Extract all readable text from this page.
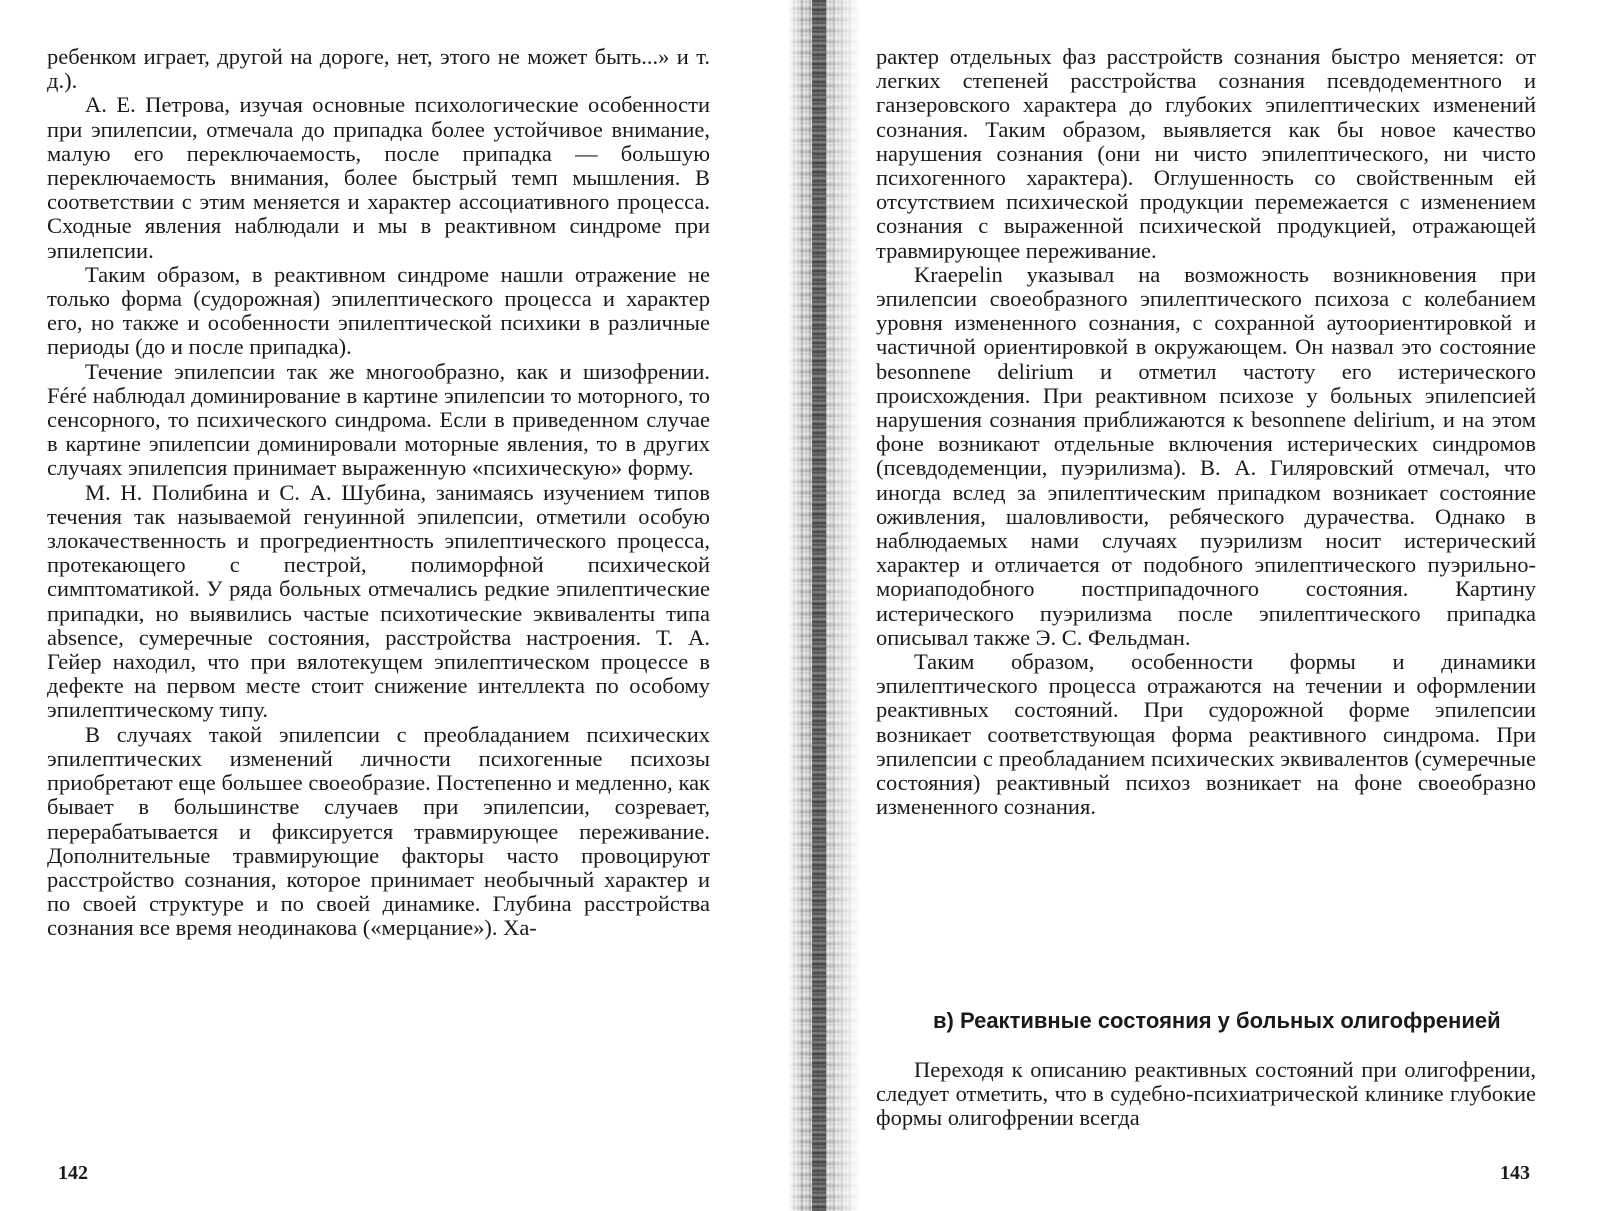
ребенком играет, другой на дороге, нет, этого не может быть...» и т. д.).

А. Е. Петрова, изучая основные психологические особенности при эпилепсии, отмечала до припадка более устойчивое внимание, малую его переключаемость, после припадка — большую переключаемость внимания, более быстрый темп мышления. В соответствии с этим меняется и характер ассоциативного процесса. Сходные явления наблюдали и мы в реактивном синдроме при эпилепсии.

Таким образом, в реактивном синдроме нашли отражение не только форма (судорожная) эпилептического процесса и характер его, но также и особенности эпилептической психики в различные периоды (до и после припадка).

Течение эпилепсии так же многообразно, как и шизофрении. Féré наблюдал доминирование в картине эпилепсии то моторного, то сенсорного, то психического синдрома. Если в приведенном случае в картине эпилепсии доминировали моторные явления, то в других случаях эпилепсия принимает выраженную «психическую» форму.

М. Н. Полибина и С. А. Шубина, занимаясь изучением типов течения так называемой генуинной эпилепсии, отметили особую злокачественность и прогредиентность эпилептического процесса, протекающего с пестрой, полиморфной психической симптоматикой. У ряда больных отмечались редкие эпилептические припадки, но выявились частые психотические эквиваленты типа absence, сумеречные состояния, расстройства настроения. Т. А. Гейер находил, что при вялотекущем эпилептическом процессе в дефекте на первом месте стоит снижение интеллекта по особому эпилептическому типу.

В случаях такой эпилепсии с преобладанием психических эпилептических изменений личности психогенные психозы приобретают еще большее своеобразие. Постепенно и медленно, как бывает в большинстве случаев при эпилепсии, созревает, перерабатывается и фиксируется травмирующее переживание. Дополнительные травмирующие факторы часто провоцируют расстройство сознания, которое принимает необычный характер и по своей структуре и по своей динамике. Глубина расстройства сознания все время неодинакова («мерцание»). Ха-

142

рактер отдельных фаз расстройств сознания быстро меняется: от легких степеней расстройства сознания псевдодементного и ганзеровского характера до глубоких эпилептических изменений сознания. Таким образом, выявляется как бы новое качество нарушения сознания (они ни чисто эпилептического, ни чисто психогенного характера). Оглушенность со свойственным ей отсутствием психической продукции перемежается с изменением сознания с выраженной психической продукцией, отражающей травмирующее переживание.

Kraepelin указывал на возможность возникновения при эпилепсии своеобразного эпилептического психоза с колебанием уровня измененного сознания, с сохранной аутоориентировкой и частичной ориентировкой в окружающем. Он назвал это состояние besonnene delirium и отметил частоту его истерического происхождения. При реактивном психозе у больных эпилепсией нарушения сознания приближаются к besonnene delirium, и на этом фоне возникают отдельные включения истерических синдромов (псевдодеменции, пуэрилизма). В. А. Гиляровский отмечал, что иногда вслед за эпилептическим припадком возникает состояние оживления, шаловливости, ребяческого дурачества. Однако в наблюдаемых нами случаях пуэрилизм носит истерический характер и отличается от подобного эпилептического пуэрильно-мориаподобного постприпадочного состояния. Картину истерического пуэрилизма после эпилептического припадка описывал также Э. С. Фельдман.

Таким образом, особенности формы и динамики эпилептического процесса отражаются на течении и оформлении реактивных состояний. При судорожной форме эпилепсии возникает соответствующая форма реактивного синдрома. При эпилепсии с преобладанием психических эквивалентов (сумеречные состояния) реактивный психоз возникает на фоне своеобразно измененного сознания.

в) Реактивные состояния у больных олигофренией

Переходя к описанию реактивных состояний при олигофрении, следует отметить, что в судебно-психиатрической клинике глубокие формы олигофрении всегда

143
